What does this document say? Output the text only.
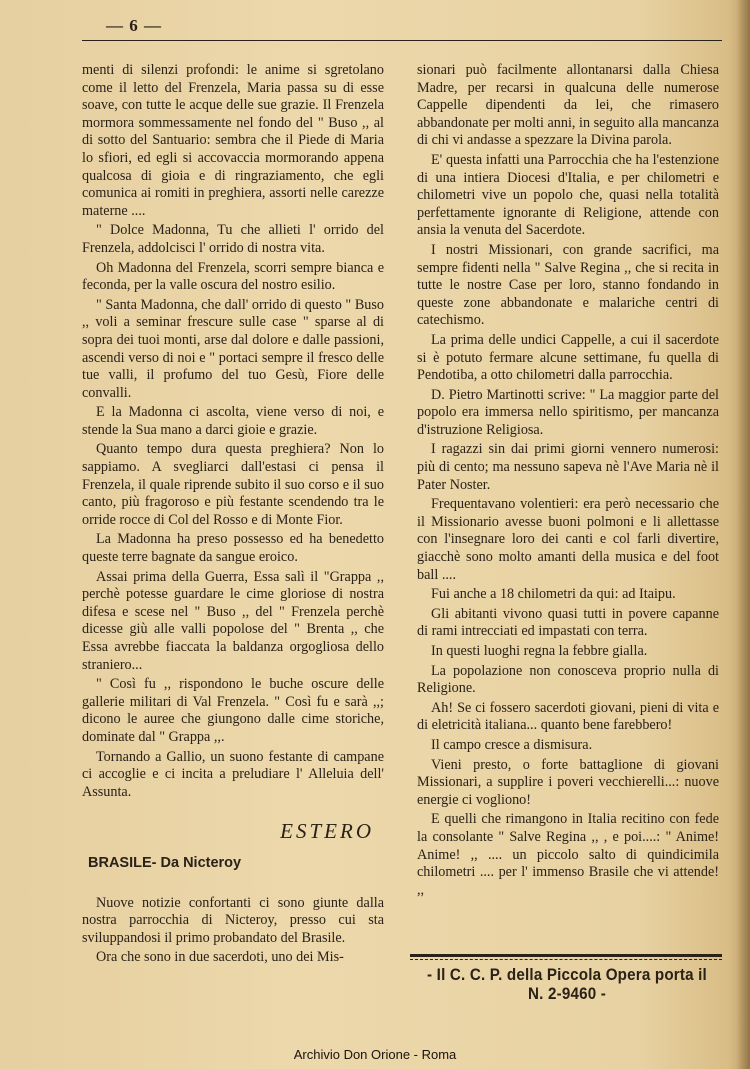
— 6 —

menti di silenzi profondi: le anime si sgretolano come il letto del Frenzela, Maria passa su di esse soave, con tutte le acque delle sue grazie. Il Frenzela mormora sommessamente nel fondo del " Buso ,, al di sotto del Santuario: sembra che il Piede di Maria lo sfiori, ed egli si accovaccia mormorando appena qualcosa di gioia e di ringraziamento, che egli comunica ai romiti in preghiera, assorti nelle carezze materne ....

" Dolce Madonna, Tu che allieti l' orrido del Frenzela, addolcisci l' orrido di nostra vita.

Oh Madonna del Frenzela, scorri sempre bianca e feconda, per la valle oscura del nostro esilio.

" Santa Madonna, che dall' orrido di questo " Buso ,, voli a seminar frescure sulle case " sparse al di sopra dei tuoi monti, arse dal dolore e dalle passioni, ascendi verso di noi e " portaci sempre il fresco delle tue valli, il profumo del tuo Gesù, Fiore delle convalli.

E la Madonna ci ascolta, viene verso di noi, e stende la Sua mano a darci gioie e grazie.

Quanto tempo dura questa preghiera? Non lo sappiamo. A svegliarci dall'estasi ci pensa il Frenzela, il quale riprende subito il suo corso e il suo canto, più fragoroso e più festante scendendo tra le orride rocce di Col del Rosso e di Monte Fior.

La Madonna ha preso possesso ed ha benedetto queste terre bagnate da sangue eroico.

Assai prima della Guerra, Essa salì il "Grappa ,, perchè potesse guardare le cime gloriose di nostra difesa e scese nel " Buso ,, del " Frenzela perchè dicesse giù alle valli popolose del " Brenta ,, che Essa avrebbe fiaccata la baldanza orgogliosa dello straniero...

" Così fu ,, rispondono le buche oscure delle gallerie militari di Val Frenzela. " Così fu e sarà ,,; dicono le auree che giungono dalle cime storiche, dominate dal " Grappa ,,.

Tornando a Gallio, un suono festante di campane ci accoglie e ci incita a preludiare l' Alleluia dell' Assunta.

ESTERO
BRASILE- Da Nicteroy

Nuove notizie confortanti ci sono giunte dalla nostra parrocchia di Nicteroy, presso cui sta sviluppandosi il primo probandato del Brasile.

Ora che sono in due sacerdoti, uno dei Mis-

sionari può facilmente allontanarsi dalla Chiesa Madre, per recarsi in qualcuna delle numerose Cappelle dipendenti da lei, che rimasero abbandonate per molti anni, in seguito alla mancanza di chi vi andasse a spezzare la Divina parola.

E' questa infatti una Parrocchia che ha l'estenzione di una intiera Diocesi d'Italia, e per chilometri e chilometri vive un popolo che, quasi nella totalità perfettamente ignorante di Religione, attende con ansia la venuta del Sacerdote.

I nostri Missionari, con grande sacrifici, ma sempre fidenti nella " Salve Regina ,, che si recita in tutte le nostre Case per loro, stanno fondando in queste zone abbandonate e malariche centri di catechismo.

La prima delle undici Cappelle, a cui il sacerdote si è potuto fermare alcune settimane, fu quella di Pendotiba, a otto chilometri dalla parrocchia.

D. Pietro Martinotti scrive: " La maggior parte del popolo era immersa nello spiritismo, per mancanza d'istruzione Religiosa.

I ragazzi sin dai primi giorni vennero numerosi: più di cento; ma nessuno sapeva nè l'Ave Maria nè il Pater Noster.

Frequentavano volentieri: era però necessario che il Missionario avesse buoni polmoni e li allettasse con l'insegnare loro dei canti e col farli divertire, giacchè sono molto amanti della musica e del foot ball ....

Fui anche a 18 chilometri da qui: ad Itaipu.

Gli abitanti vivono quasi tutti in povere capanne di rami intrecciati ed impastati con terra.

In questi luoghi regna la febbre gialla.

La popolazione non conosceva proprio nulla di Religione.

Ah! Se ci fossero sacerdoti giovani, pieni di vita e di eletricità italiana... quanto bene farebbero!

Il campo cresce a dismisura.

Vieni presto, o forte battaglione di giovani Missionari, a supplire i poveri vecchierelli...: nuove energie ci vogliono!

E quelli che rimangono in Italia recitino con fede la consolante " Salve Regina ,, , e poi....: " Anime! Anime! ,, .... un piccolo salto di quindicimila chilometri .... per l' immenso Brasile che vi attende! ,,

- Il C. C. P. della Piccola Opera porta il N. 2-9460 -
Archivio Don Orione - Roma
